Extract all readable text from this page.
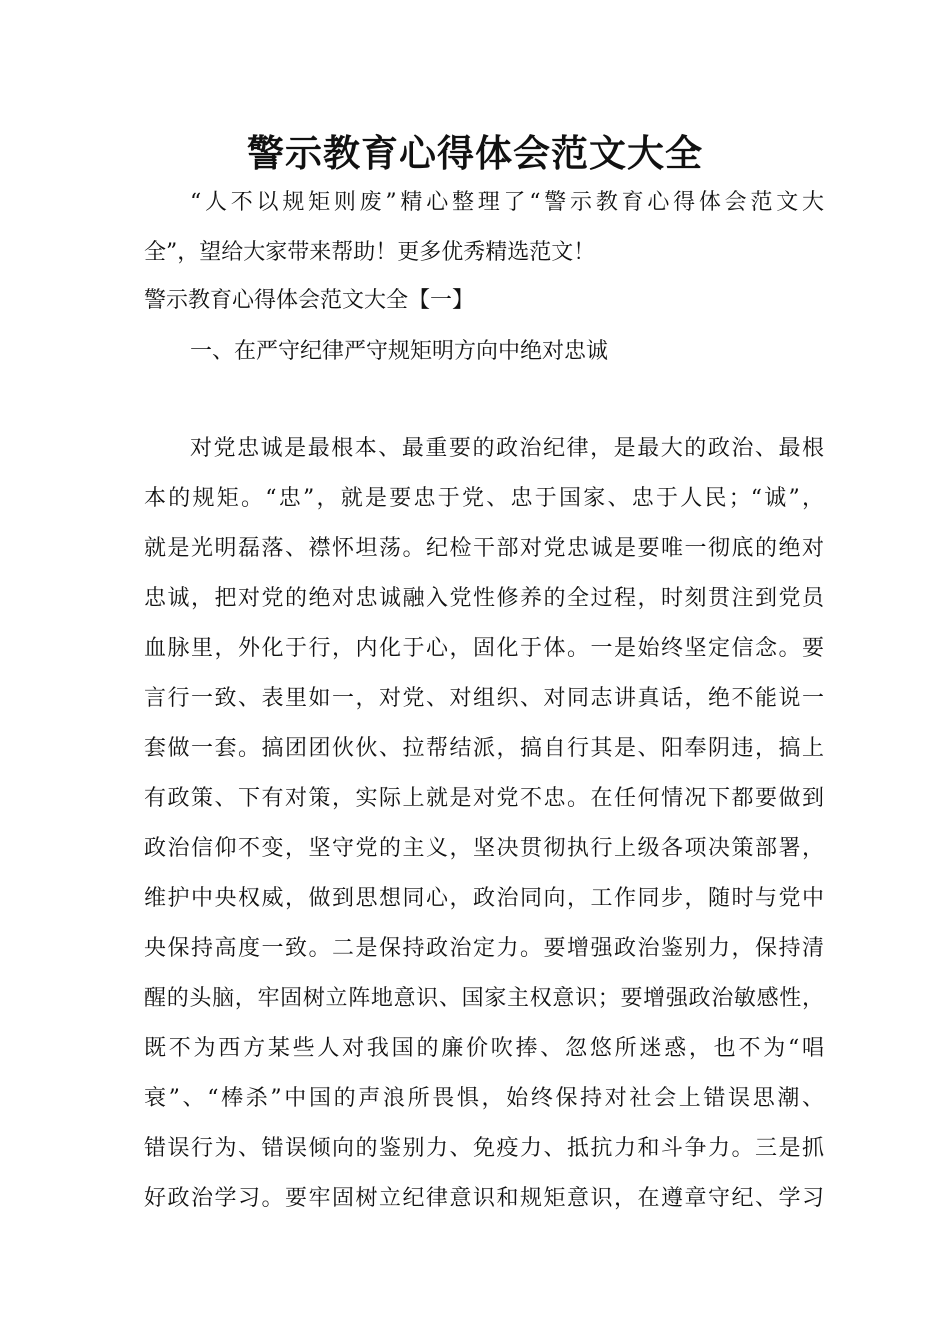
警示教育心得体会范文大全

“人不以规矩则废”精心整理了“警示教育心得体会范文大

全”，望给大家带来帮助！更多优秀精选范文！

警示教育心得体会范文大全【一】

一、在严守纪律严守规矩明方向中绝对忠诚

对党忠诚是最根本、最重要的政治纪律，是最大的政治、最根

本的规矩。“忠”，就是要忠于党、忠于国家、忠于人民；“诚”，

就是光明磊落、襟怀坦荡。纪检干部对党忠诚是要唯一彻底的绝对

忠诚，把对党的绝对忠诚融入党性修养的全过程，时刻贯注到党员

血脉里，外化于行，内化于心，固化于体。一是始终坚定信念。要

言行一致、表里如一，对党、对组织、对同志讲真话，绝不能说一

套做一套。搞团团伙伙、拉帮结派，搞自行其是、阳奉阴违，搞上

有政策、下有对策，实际上就是对党不忠。在任何情况下都要做到

政治信仰不变，坚守党的主义，坚决贯彻执行上级各项决策部署，

维护中央权威，做到思想同心，政治同向，工作同步，随时与党中

央保持高度一致。二是保持政治定力。要增强政治鉴别力，保持清

醒的头脑，牢固树立阵地意识、国家主权意识；要增强政治敏感性，

既不为西方某些人对我国的廉价吹捧、忽悠所迷惑，也不为“唱

衰”、“棒杀”中国的声浪所畏惧，始终保持对社会上错误思潮、

错误行为、错误倾向的鉴别力、免疫力、抵抗力和斗争力。三是抓

好政治学习。要牢固树立纪律意识和规矩意识，在遵章守纪、学习
